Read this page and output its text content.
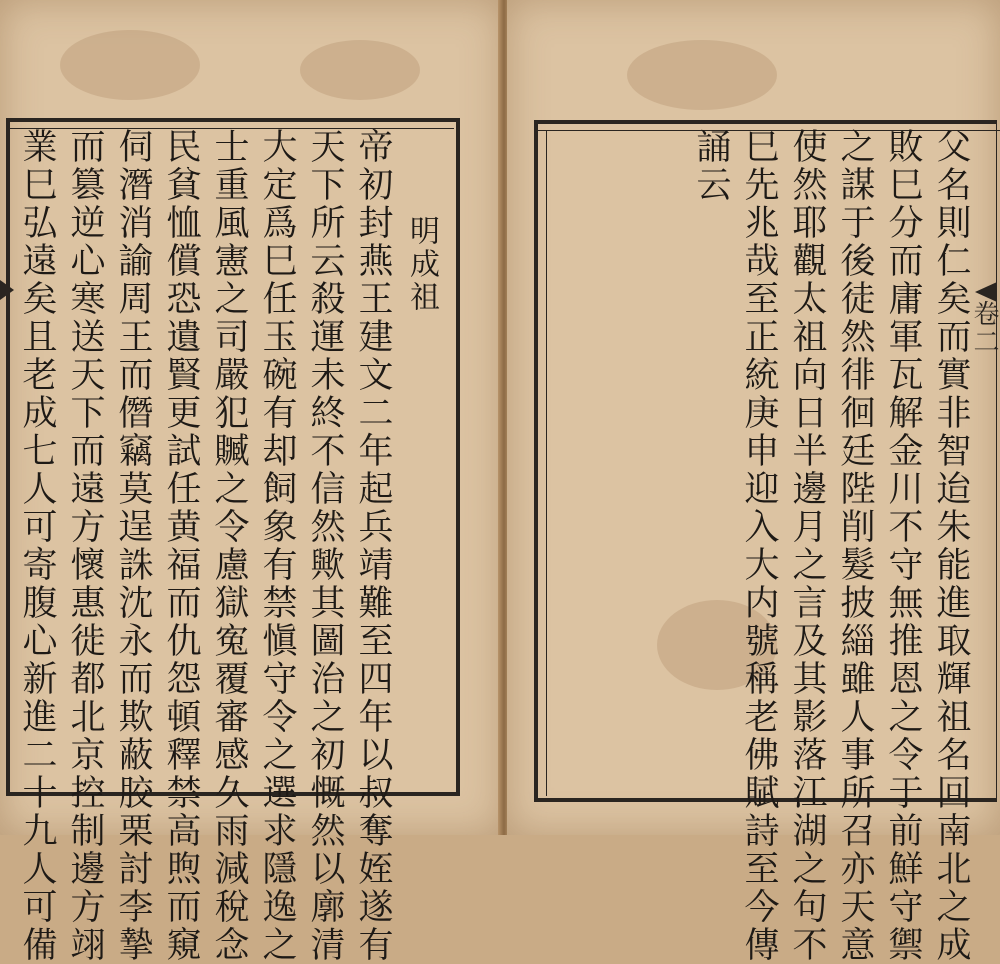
明成祖
帝初封燕王建文二年起兵靖難至四年以叔奪姪遂有
天下所云殺運未終不信然歟其圖治之初慨然以廓清
大定爲巳任玉碗有却飼象有禁愼守令之選求隱逸之
士重風憲之司嚴犯贓之令慮獄寃覆審感久雨減稅念
民貧恤償恐遺賢更試任黄福而仇怨頓釋禁高煦而窺
伺潛消諭周王而僭竊莫逞誅沈永而欺蔽胶栗討李摯
而篡逆心寒送天下而遠方懷惠徙都北京控制邊方翊
業巳弘遠矣且老成七人可寄腹心新進二十九人可備	卷二
父名則仁矣而實非智迨朱能進取輝祖名回南北之成
敗巳分而庸軍瓦解金川不守無推恩之令于前鮮守禦
之謀于後徒然徘徊廷陛削髮披緇雖人事所召亦天意
使然耶觀太祖向日半邊月之言及其影落江湖之句不
巳先兆哉至正統庚申迎入大内號稱老佛賦詩至今傳
誦云
